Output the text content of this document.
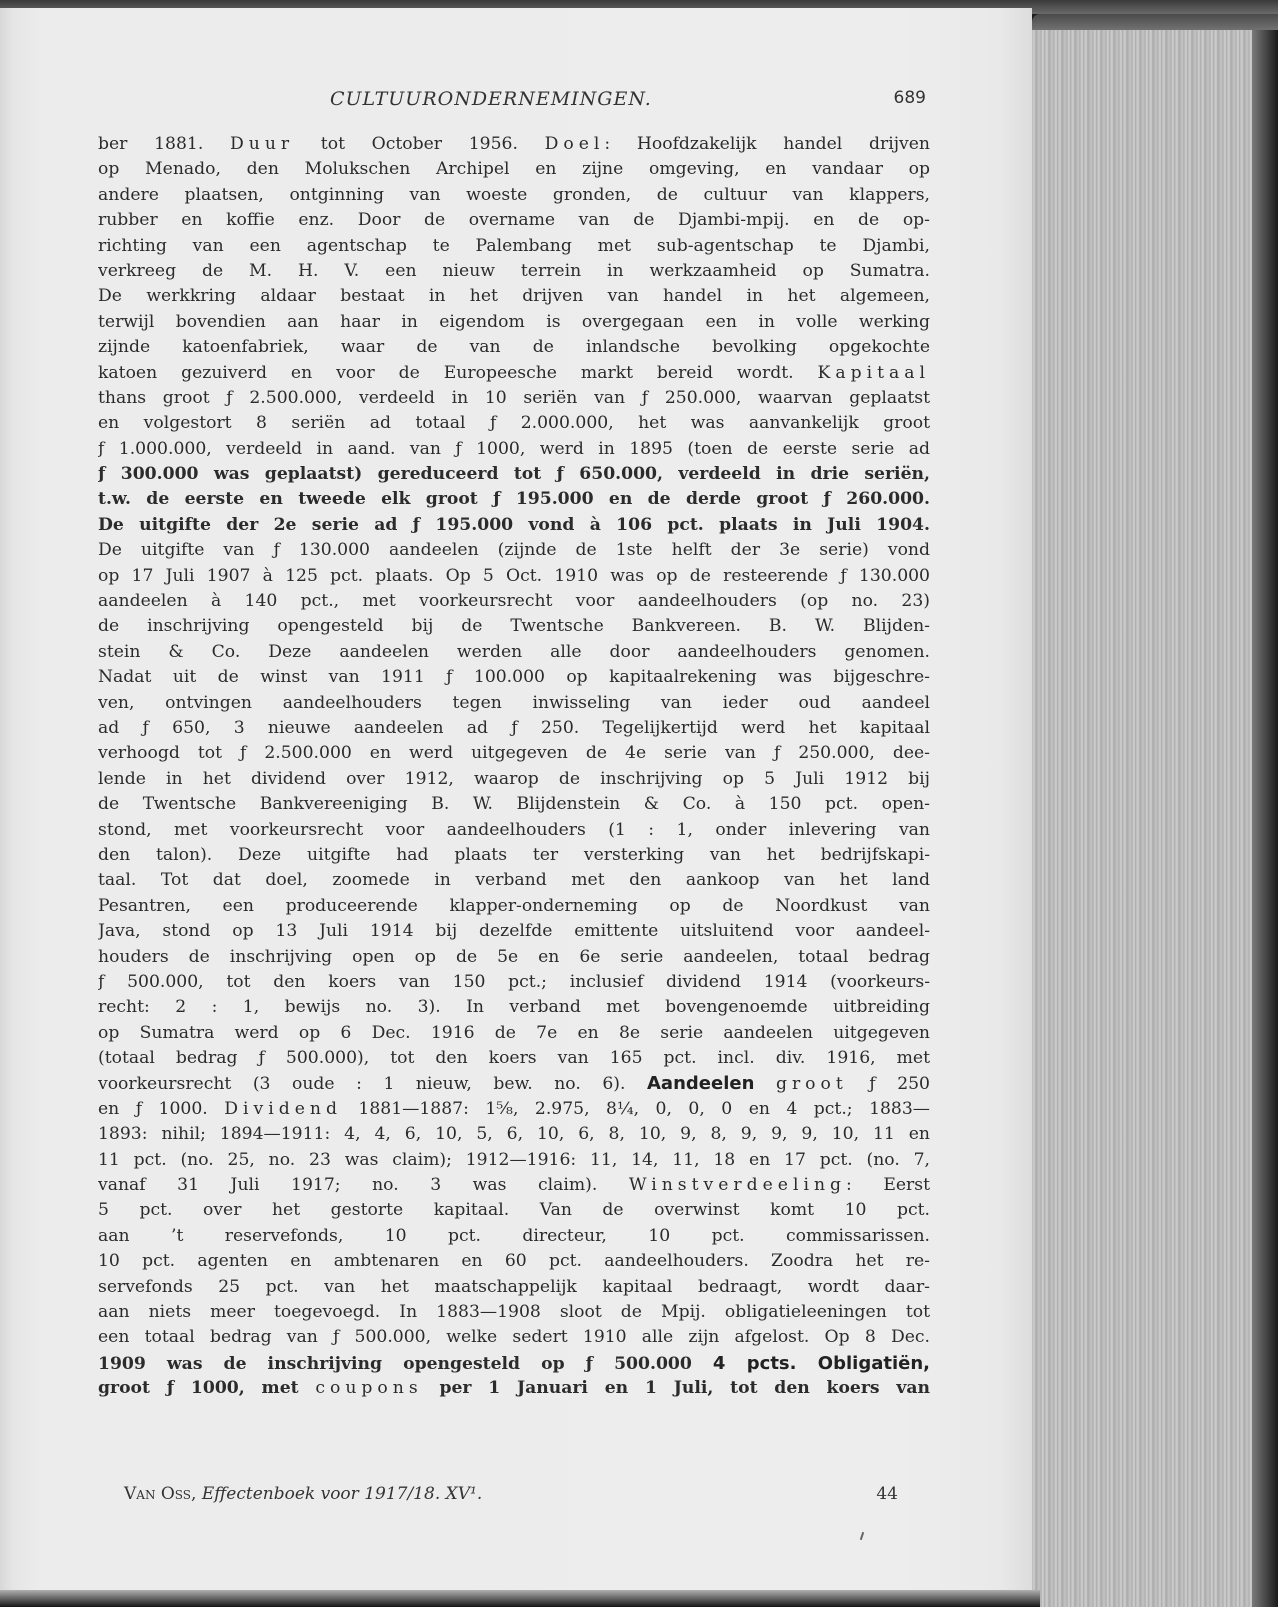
CULTUURONDERNEMINGEN.	689
ber 1881. Duur tot October 1956. Doel: Hoofdzakelijk handel drijven
op Menado, den Molukschen Archipel en zijne omgeving, en vandaar op
andere plaatsen, ontginning van woeste gronden, de cultuur van klappers,
rubber en koffie enz. Door de overname van de Djambi-mpij. en de op-
richting van een agentschap te Palembang met sub-agentschap te Djambi,
verkreeg de M. H. V. een nieuw terrein in werkzaamheid op Sumatra.
De werkkring aldaar bestaat in het drijven van handel in het algemeen,
terwijl bovendien aan haar in eigendom is overgegaan een in volle werking
zijnde katoenfabriek, waar de van de inlandsche bevolking opgekochte
katoen gezuiverd en voor de Europeesche markt bereid wordt. Kapitaal
thans groot ƒ 2.500.000, verdeeld in 10 seriën van ƒ 250.000, waarvan geplaatst
en volgestort 8 seriën ad totaal ƒ 2.000.000, het was aanvankelijk groot
ƒ 1.000.000, verdeeld in aand. van ƒ 1000, werd in 1895 (toen de eerste serie ad
ƒ 300.000 was geplaatst) gereduceerd tot ƒ 650.000, verdeeld in drie seriën,
t.w. de eerste en tweede elk groot ƒ 195.000 en de derde groot ƒ 260.000.
De uitgifte der 2e serie ad ƒ 195.000 vond à 106 pct. plaats in Juli 1904.
De uitgifte van ƒ 130.000 aandeelen (zijnde de 1ste helft der 3e serie) vond
op 17 Juli 1907 à 125 pct. plaats. Op 5 Oct. 1910 was op de resteerende ƒ 130.000
aandeelen à 140 pct., met voorkeursrecht voor aandeelhouders (op no. 23)
de inschrijving opengesteld bij de Twentsche Bankvereen. B. W. Blijden-
stein & Co. Deze aandeelen werden alle door aandeelhouders genomen.
Nadat uit de winst van 1911 ƒ 100.000 op kapitaalrekening was bijgeschre-
ven, ontvingen aandeelhouders tegen inwisseling van ieder oud aandeel
ad ƒ 650, 3 nieuwe aandeelen ad ƒ 250. Tegelijkertijd werd het kapitaal
verhoogd tot ƒ 2.500.000 en werd uitgegeven de 4e serie van ƒ 250.000, dee-
lende in het dividend over 1912, waarop de inschrijving op 5 Juli 1912 bij
de Twentsche Bankvereeniging B. W. Blijdenstein & Co. à 150 pct. open-
stond, met voorkeursrecht voor aandeelhouders (1 : 1, onder inlevering van
den talon). Deze uitgifte had plaats ter versterking van het bedrijfskapi-
taal. Tot dat doel, zoomede in verband met den aankoop van het land
Pesantren, een produceerende klapper-onderneming op de Noordkust van
Java, stond op 13 Juli 1914 bij dezelfde emittente uitsluitend voor aandeel-
houders de inschrijving open op de 5e en 6e serie aandeelen, totaal bedrag
ƒ 500.000, tot den koers van 150 pct.; inclusief dividend 1914 (voorkeurs-
recht: 2 : 1, bewijs no. 3). In verband met bovengenoemde uitbreiding
op Sumatra werd op 6 Dec. 1916 de 7e en 8e serie aandeelen uitgegeven
(totaal bedrag ƒ 500.000), tot den koers van 165 pct. incl. div. 1916, met
voorkeursrecht (3 oude : 1 nieuw, bew. no. 6). Aandeelen groot ƒ 250
en ƒ 1000. Dividend 1881—1887: 1⅝, 2.975, 8¼, 0, 0, 0 en 4 pct.; 1883—
1893: nihil; 1894—1911: 4, 4, 6, 10, 5, 6, 10, 6, 8, 10, 9, 8, 9, 9, 9, 10, 11 en
11 pct. (no. 25, no. 23 was claim); 1912—1916: 11, 14, 11, 18 en 17 pct. (no. 7,
vanaf 31 Juli 1917; no. 3 was claim). Winstverdeeling: Eerst
5 pct. over het gestorte kapitaal. Van de overwinst komt 10 pct.
aan ’t reservefonds, 10 pct. directeur, 10 pct. commissarissen.
10 pct. agenten en ambtenaren en 60 pct. aandeelhouders. Zoodra het re-
servefonds 25 pct. van het maatschappelijk kapitaal bedraagt, wordt daar-
aan niets meer toegevoegd. In 1883—1908 sloot de Mpij. obligatieleeningen tot
een totaal bedrag van ƒ 500.000, welke sedert 1910 alle zijn afgelost. Op 8 Dec.
1909 was de inschrijving opengesteld op ƒ 500.000 4 pcts. Obligatiën,
groot ƒ 1000, met coupons per 1 Januari en 1 Juli, tot den koers van
Van Oss, Effectenboek voor 1917/18. XV¹.	44
